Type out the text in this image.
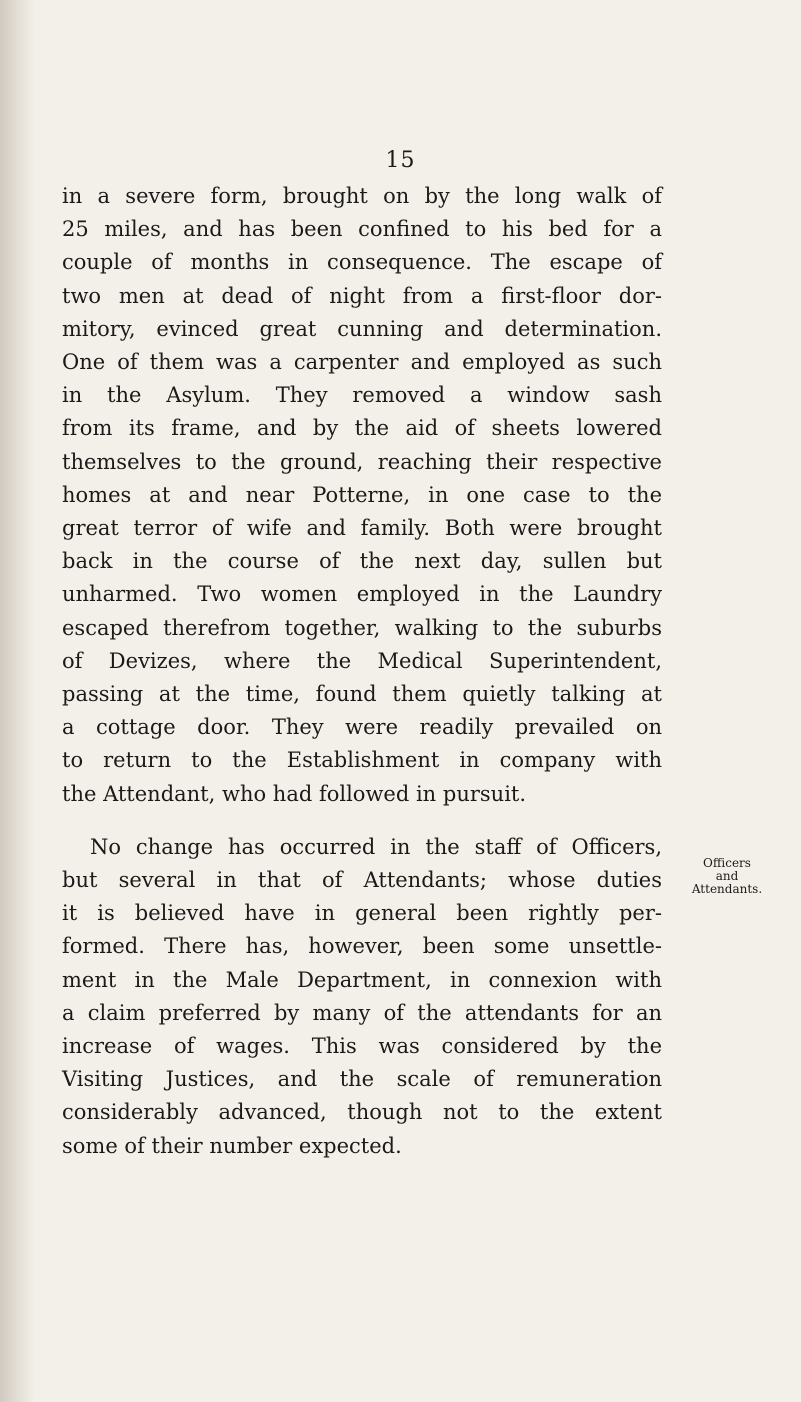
15
in a severe form, brought on by the long walk of
25 miles, and has been confined to his bed for a
couple of months in consequence. The escape of
two men at dead of night from a first-floor dor-
mitory, evinced great cunning and determination.
One of them was a carpenter and employed as such
in the Asylum. They removed a window sash
from its frame, and by the aid of sheets lowered
themselves to the ground, reaching their respective
homes at and near Potterne, in one case to the
great terror of wife and family. Both were brought
back in the course of the next day, sullen but
unharmed. Two women employed in the Laundry
escaped therefrom together, walking to the suburbs
of Devizes, where the Medical Superintendent,
passing at the time, found them quietly talking at
a cottage door. They were readily prevailed on
to return to the Establishment in company with
the Attendant, who had followed in pursuit.
No change has occurred in the staff of Officers,
but several in that of Attendants; whose duties
it is believed have in general been rightly per-
formed. There has, however, been some unsettle-
ment in the Male Department, in connexion with
a claim preferred by many of the attendants for an
increase of wages. This was considered by the
Visiting Justices, and the scale of remuneration
considerably advanced, though not to the extent
some of their number expected.
Officers
and
Attendants.
